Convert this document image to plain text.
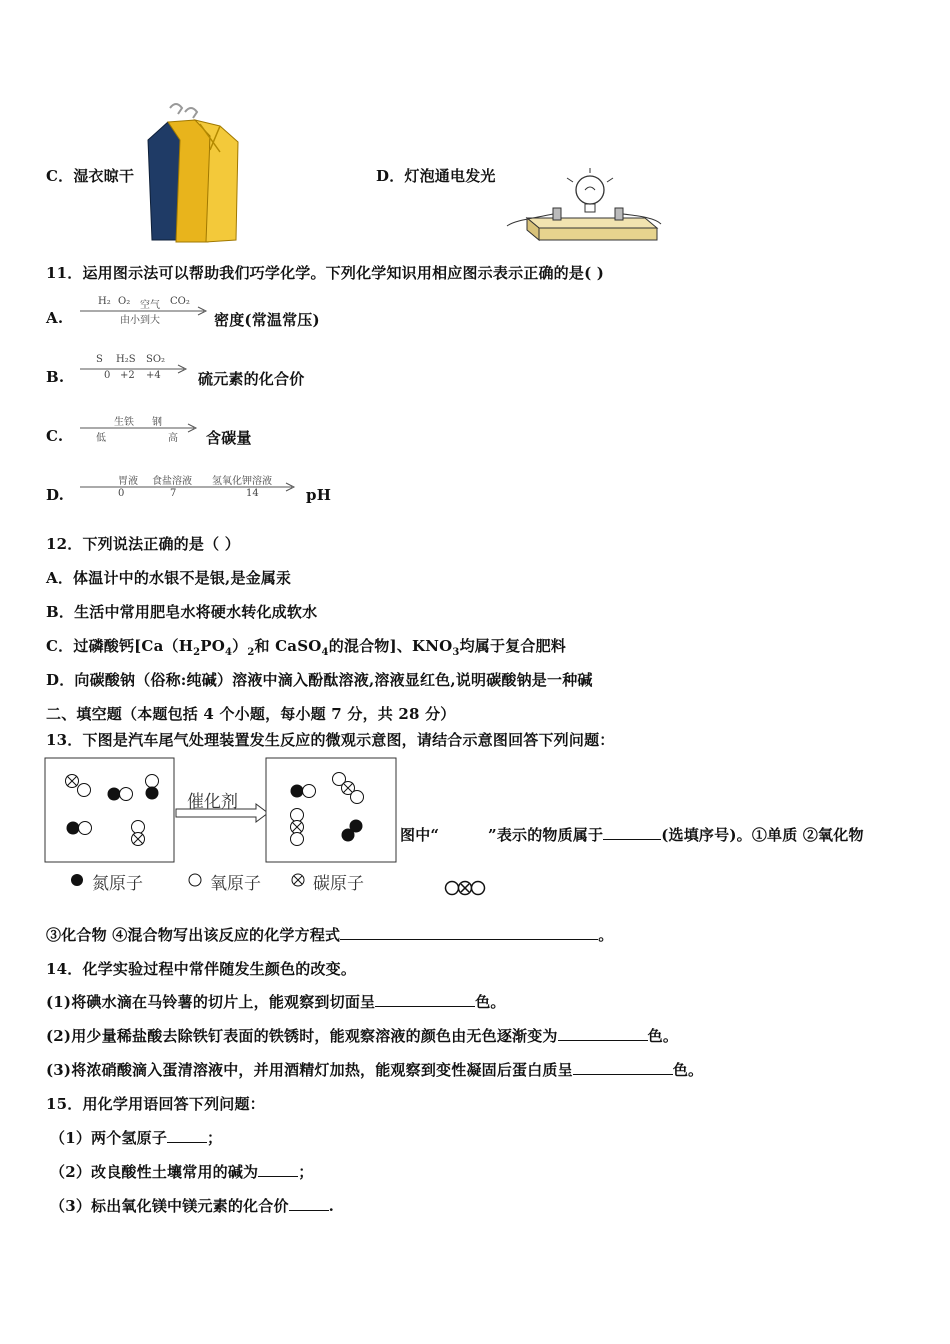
C．湿衣晾干	D．灯泡通电发光
11．运用图示法可以帮助我们巧学化学。下列化学知识用相应图示表示正确的是( )
A.
H₂ O₂ 空气 CO₂
由小到大	密度(常温常压)
B.
S H₂S SO₂
0 +2 +4 硫元素的化合价
C.
生铁 钢
低	高 含碳量
D.
胃液 食盐溶液 氢氧化钾溶液
0	7	14	pH
12．下列说法正确的是（ ）
A．体温计中的水银不是银,是金属汞
B．生活中常用肥皂水将硬水转化成软水
C．过磷酸钙[$Ca(H_2PO_4)_2$和 CaSO$_4$的混合物]、$KNO_3$均属于复合肥料
D．向碳酸钠（俗称:纯碱）溶液中滴入酚酞溶液,溶液显红色,说明碳酸钠是一种碱
二、填空题（本题包括 4 个小题，每小题 7 分，共 28 分）
13．下图是汽车尾气处理装置发生反应的微观示意图，请结合示意图回答下列问题：
催化剂
氮原子	氧原子	碳原子
图中“	”表示的物质属于	(选填序号)。①单质 ②氧化物
③化合物 ④混合物写出该反应的化学方程式	。
14．化学实验过程中常伴随发生颜色的改变。
(1)将碘水滴在马铃薯的切片上，能观察到切面呈	色。
(2)用少量稀盐酸去除铁钉表面的铁锈时，能观察溶液的颜色由无色逐渐变为	色。
(3)将浓硝酸滴入蛋清溶液中，并用酒精灯加热，能观察到变性凝固后蛋白质呈	色。
15．用化学用语回答下列问题：
（1）两个氢原子	；
（2）改良酸性土壤常用的碱为	；
（3）标出氧化镁中镁元素的化合价	.
